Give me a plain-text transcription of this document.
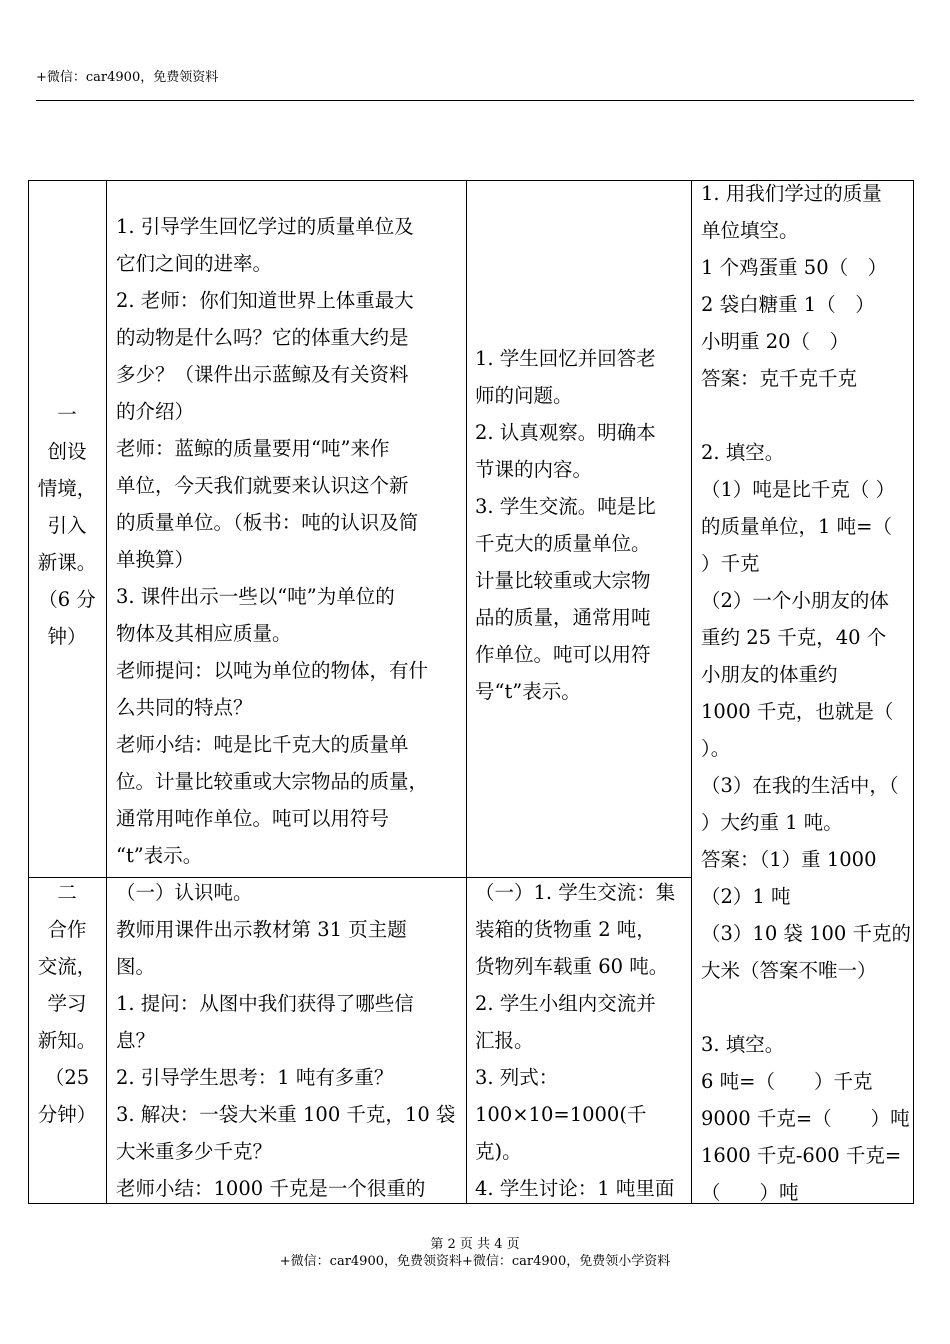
+微信：car4900，免费领资料
一
创设
情境，
引入
新课。
（6 分
钟）
1. 引导学生回忆学过的质量单位及
它们之间的进率。
2. 老师：你们知道世界上体重最大
的动物是什么吗？它的体重大约是
多少？（课件出示蓝鲸及有关资料
的介绍）
老师：蓝鲸的质量要用“吨”来作
单位，今天我们就要来认识这个新
的质量单位。（板书：吨的认识及简
单换算）
3. 课件出示一些以“吨”为单位的
物体及其相应质量。
老师提问：以吨为单位的物体，有什
么共同的特点？
老师小结：吨是比千克大的质量单
位。计量比较重或大宗物品的质量，
通常用吨作单位。吨可以用符号
“t”表示。
1. 学生回忆并回答老
师的问题。
2. 认真观察。明确本
节课的内容。
3. 学生交流。吨是比
千克大的质量单位。
计量比较重或大宗物
品的质量，通常用吨
作单位。吨可以用符
号“t”表示。
1. 用我们学过的质量
单位填空。
1 个鸡蛋重 50（　）
2 袋白糖重 1（　）
小明重 20（　）
答案：克千克千克

2. 填空。
（1）吨是比千克（ ）
的质量单位，1 吨=（
）千克
（2）一个小朋友的体
重约 25 千克，40 个
小朋友的体重约
1000 千克，也就是（
）。
（3）在我的生活中，（
）大约重 1 吨。
答案：（1）重 1000
（2）1 吨
（3）10 袋 100 千克的
大米（答案不唯一）

3. 填空。
6 吨=（　　）千克
9000 千克=（　　）吨
1600 千克-600 千克=
（　　）吨
二
合作
交流，
学习
新知。
（25
分钟）
（一）认识吨。
教师用课件出示教材第 31 页主题
图。
1. 提问：从图中我们获得了哪些信
息？
2. 引导学生思考：1 吨有多重？
3. 解决：一袋大米重 100 千克，10 袋
大米重多少千克？
老师小结：1000 千克是一个很重的
（一）1. 学生交流：集
装箱的货物重 2 吨，
货物列车载重 60 吨。
2. 学生小组内交流并
汇报。
3. 列式：
100×10=1000(千
克)。
4. 学生讨论：1 吨里面
第 2 页 共 4 页
+微信：car4900，免费领资料+微信：car4900，免费领小学资料
